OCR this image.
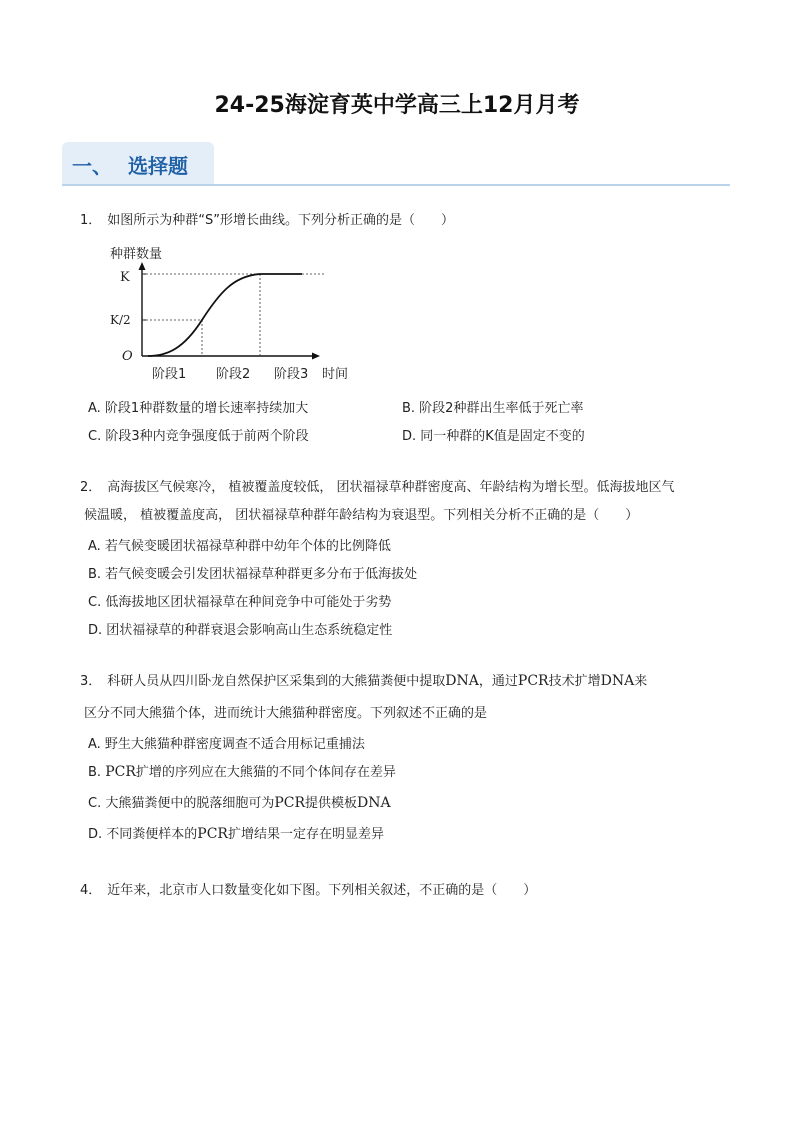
24-25海淀育英中学高三上12月月考
一、 选择题
1． 如图所示为种群“S”形增长曲线。下列分析正确的是（　　）
种群数量
O
K
K/2
阶段1 阶段2 阶段3 时间
A. 阶段1种群数量的增长速率持续加大	B. 阶段2种群出生率低于死亡率
C. 阶段3种内竞争强度低于前两个阶段	D. 同一种群的K值是固定不变的
2． 高海拔区气候寒冷， 植被覆盖度较低， 团状福禄草种群密度高、年龄结构为增长型。低海拔地区气
候温暖， 植被覆盖度高， 团状福禄草种群年龄结构为衰退型。下列相关分析不正确的是（　　）
A. 若气候变暖团状福禄草种群中幼年个体的比例降低
B. 若气候变暖会引发团状福禄草种群更多分布于低海拔处
C. 低海拔地区团状福禄草在种间竞争中可能处于劣势
D. 团状福禄草的种群衰退会影响高山生态系统稳定性
3． 科研人员从四川卧龙自然保护区采集到的大熊猫粪便中提取DNA，通过PCR技术扩增DNA来
区分不同大熊猫个体，进而统计大熊猫种群密度。下列叙述不正确的是
A. 野生大熊猫种群密度调查不适合用标记重捕法
B. PCR扩增的序列应在大熊猫的不同个体间存在差异
C. 大熊猫粪便中的脱落细胞可为PCR提供模板DNA
D. 不同粪便样本的PCR扩增结果一定存在明显差异
4． 近年来，北京市人口数量变化如下图。下列相关叙述，不正确的是（　　）
